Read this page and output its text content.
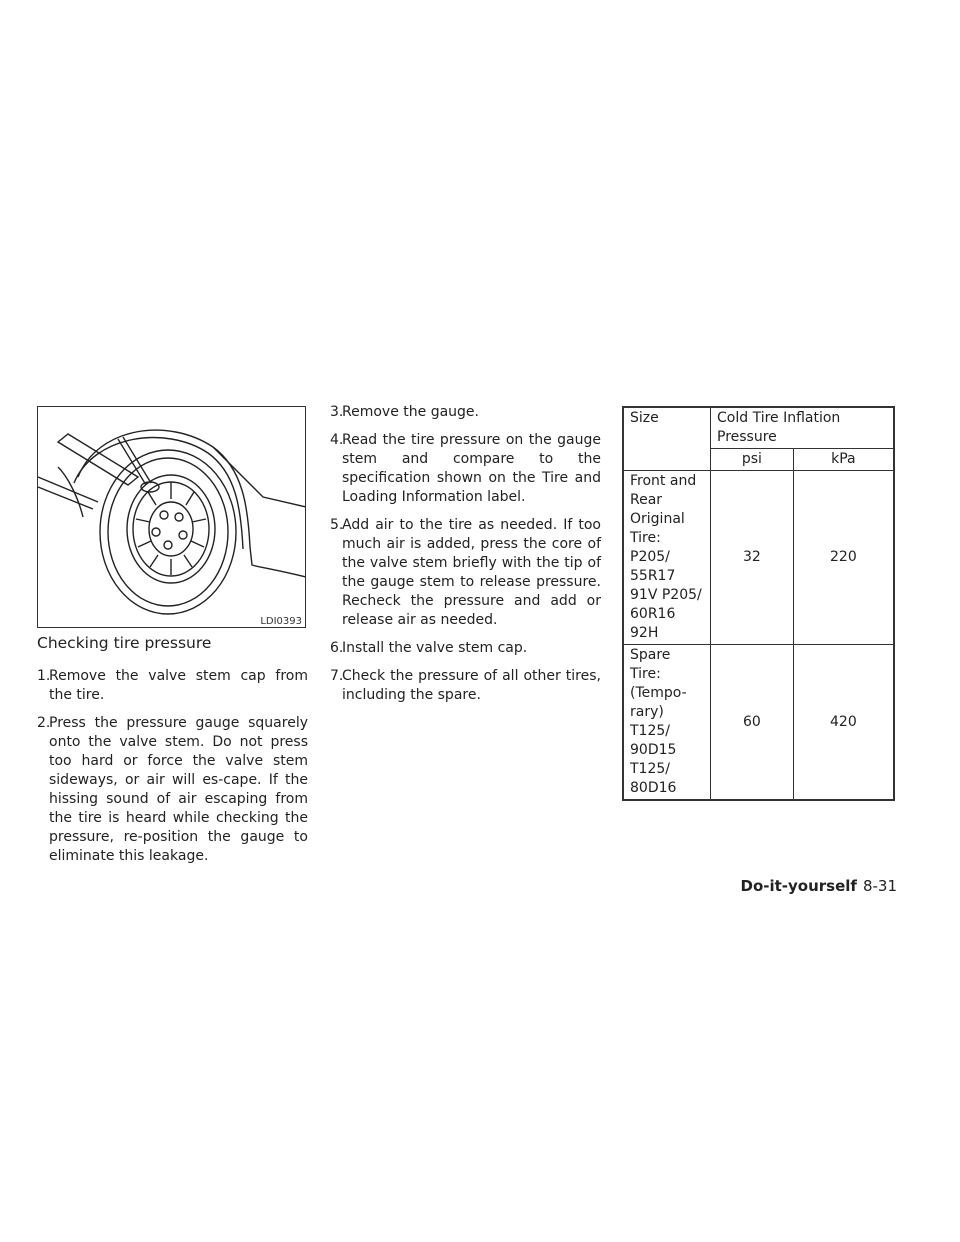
LDI0393
Checking tire pressure

1.Remove the valve stem cap from the tire.

2.Press the pressure gauge squarely onto the valve stem. Do not press too hard or force the valve stem sideways, or air will es-cape. If the hissing sound of air escaping from the tire is heard while checking the pressure, re-position the gauge to eliminate this leakage.

3.Remove the gauge.

4.Read the tire pressure on the gauge stem and compare to the specification shown on the Tire and Loading Information label.

5.Add air to the tire as needed. If too much air is added, press the core of the valve stem briefly with the tip of the gauge stem to release pressure. Recheck the pressure and add or release air as needed.

6.Install the valve stem cap.

7.Check the pressure of all other tires, including the spare.

Size	Cold Tire Inflation Pressure	
	psi	kPa
Front and Rear Original Tire: P205/ 55R17 91V P205/ 60R16 92H	32	220
Spare Tire: (Tempo-rary) T125/ 90D15 T125/ 80D16	60	420
Do-it-yourself 8-31
